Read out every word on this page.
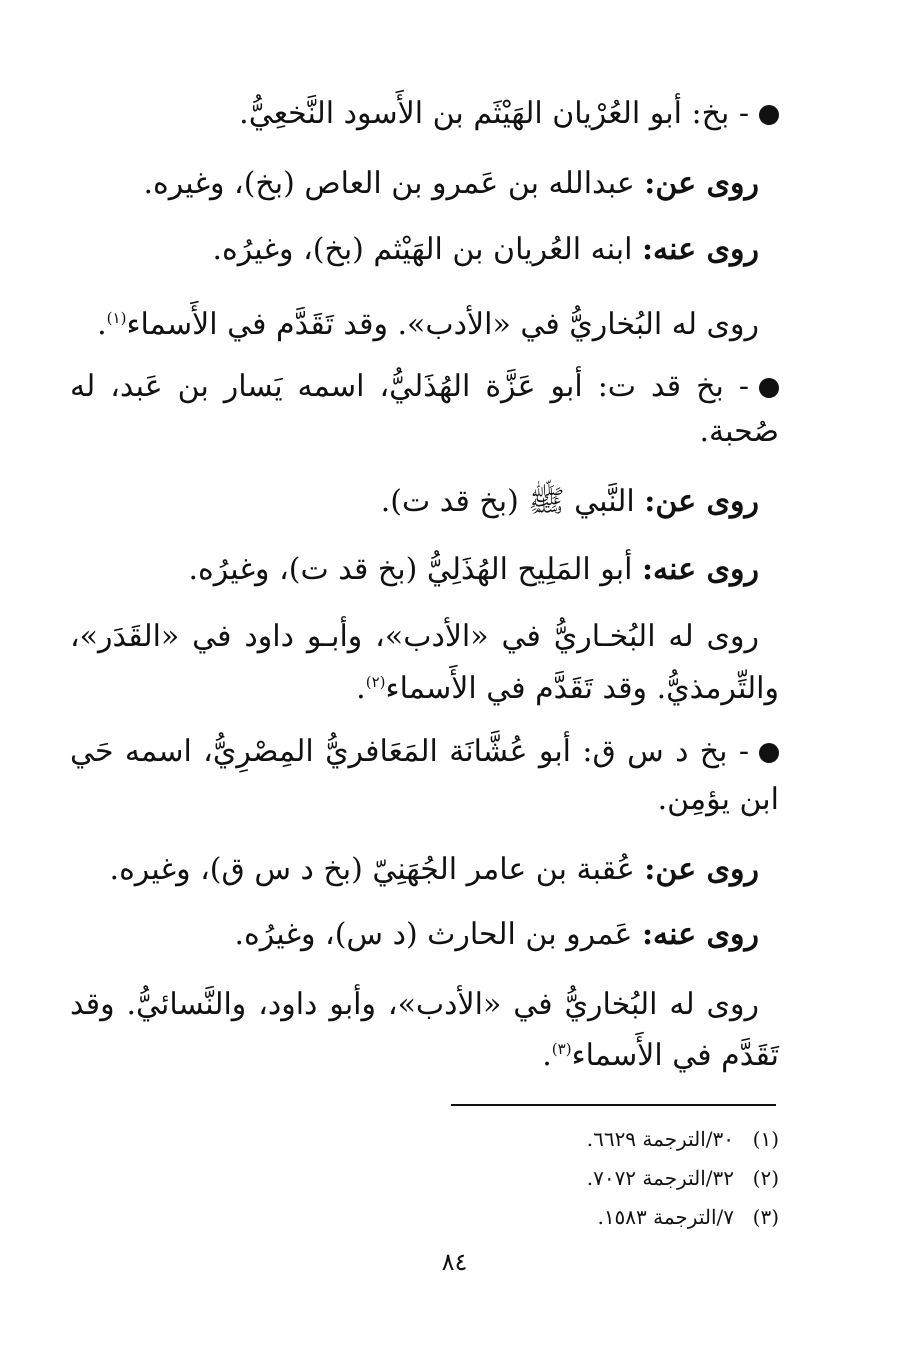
- بخ: أبو العُرْيان الهَيْثَم بن الأَسود النَّخعِيُّ.
روى عن: عبدالله بن عَمرو بن العاص (بخ)، وغيره.
روى عنه: ابنه العُريان بن الهَيْثم (بخ)، وغيرُه.
روى له البُخاريُّ في «الأدب». وقد تَقَدَّم في الأَسماء$^{(١)}$.
- بخ قد ت: أبو عَزَّة الهُذَليُّ، اسمه يَسار بن عَبد، له
صُحبة.
روى عن: النَّبي ﷺ (بخ قد ت).
روى عنه: أبو المَلِيح الهُذَلِيُّ (بخ قد ت)، وغيرُه.
روى له البُخـاريُّ في «الأدب»، وأبـو داود في «القَدَر»،
والتِّرمذيُّ. وقد تَقَدَّم في الأَسماء$^{(٢)}$.
- بخ د س ق: أبو عُشَّانَة المَعَافريُّ المِصْرِيُّ، اسمه حَي
ابن يؤمِن.
روى عن: عُقبة بن عامر الجُهَنِيّ (بخ د س ق)، وغيره.
روى عنه: عَمرو بن الحارث (د س)، وغيرُه.
روى له البُخاريُّ في «الأدب»، وأبو داود، والنَّسائيُّ. وقد
تَقَدَّم في الأَسماء$^{(٣)}$.
(١)٣٠/الترجمة ٦٦٢٩.
(٢)٣٢/الترجمة ٧٠٧٢.
(٣)٧/الترجمة ١٥٨٣.
٨٤
